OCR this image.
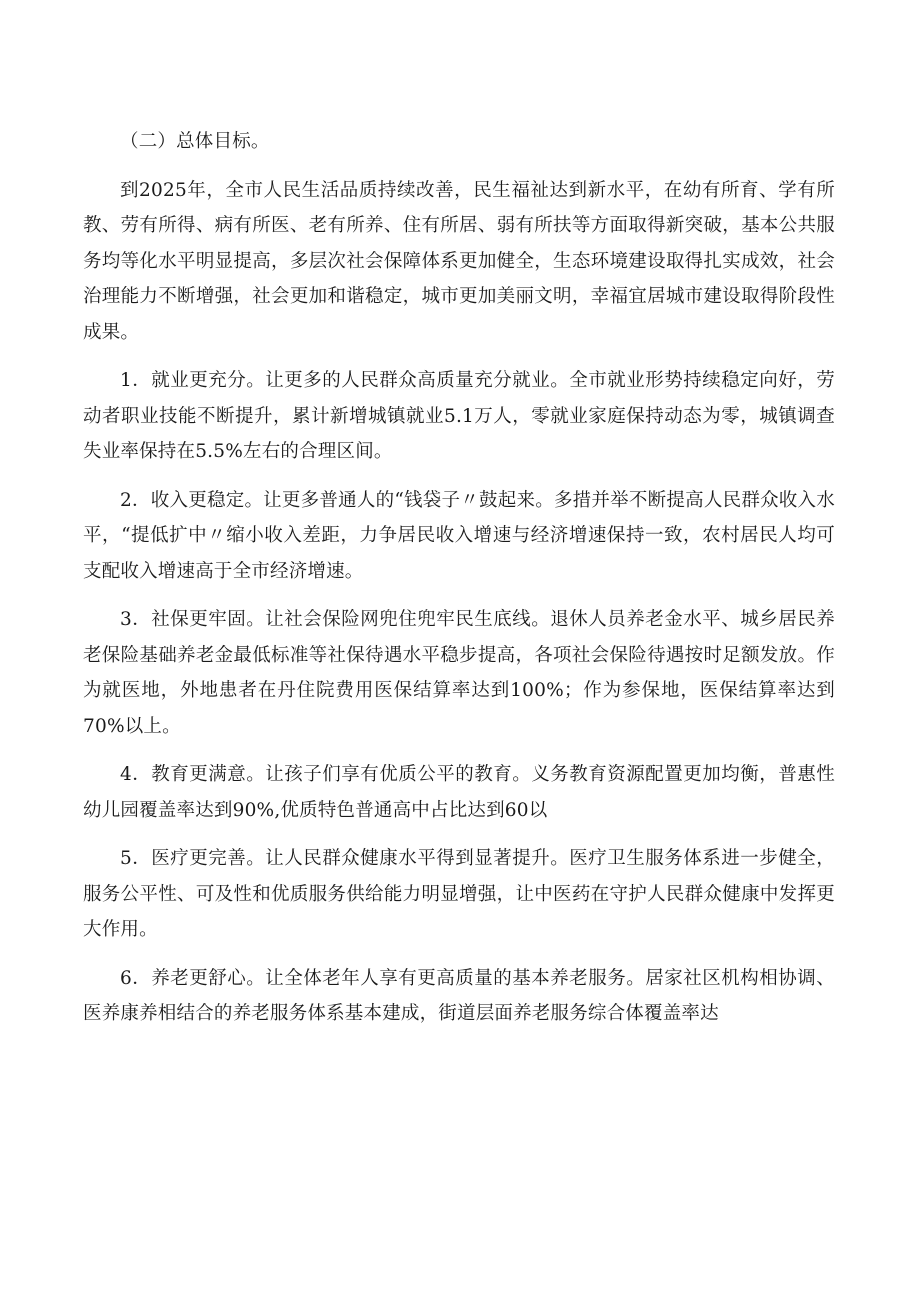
（二）总体目标。

到2025年，全市人民生活品质持续改善，民生福祉达到新水平，在幼有所育、学有所教、劳有所得、病有所医、老有所养、住有所居、弱有所扶等方面取得新突破，基本公共服务均等化水平明显提高，多层次社会保障体系更加健全，生态环境建设取得扎实成效，社会治理能力不断增强，社会更加和谐稳定，城市更加美丽文明，幸福宜居城市建设取得阶段性成果。

1．就业更充分。让更多的人民群众高质量充分就业。全市就业形势持续稳定向好，劳动者职业技能不断提升，累计新增城镇就业5.1万人，零就业家庭保持动态为零，城镇调查失业率保持在5.5%左右的合理区间。

2．收入更稳定。让更多普通人的“钱袋子〃鼓起来。多措并举不断提高人民群众收入水平，“提低扩中〃缩小收入差距，力争居民收入增速与经济增速保持一致，农村居民人均可支配收入增速高于全市经济增速。

3．社保更牢固。让社会保险网兜住兜牢民生底线。退休人员养老金水平、城乡居民养老保险基础养老金最低标准等社保待遇水平稳步提高，各项社会保险待遇按时足额发放。作为就医地，外地患者在丹住院费用医保结算率达到100%；作为参保地，医保结算率达到70%以上。

4．教育更满意。让孩子们享有优质公平的教育。义务教育资源配置更加均衡，普惠性幼儿园覆盖率达到90%,优质特色普通高中占比达到60以

5．医疗更完善。让人民群众健康水平得到显著提升。医疗卫生服务体系进一步健全，服务公平性、可及性和优质服务供给能力明显增强，让中医药在守护人民群众健康中发挥更大作用。

6．养老更舒心。让全体老年人享有更高质量的基本养老服务。居家社区机构相协调、医养康养相结合的养老服务体系基本建成，街道层面养老服务综合体覆盖率达
